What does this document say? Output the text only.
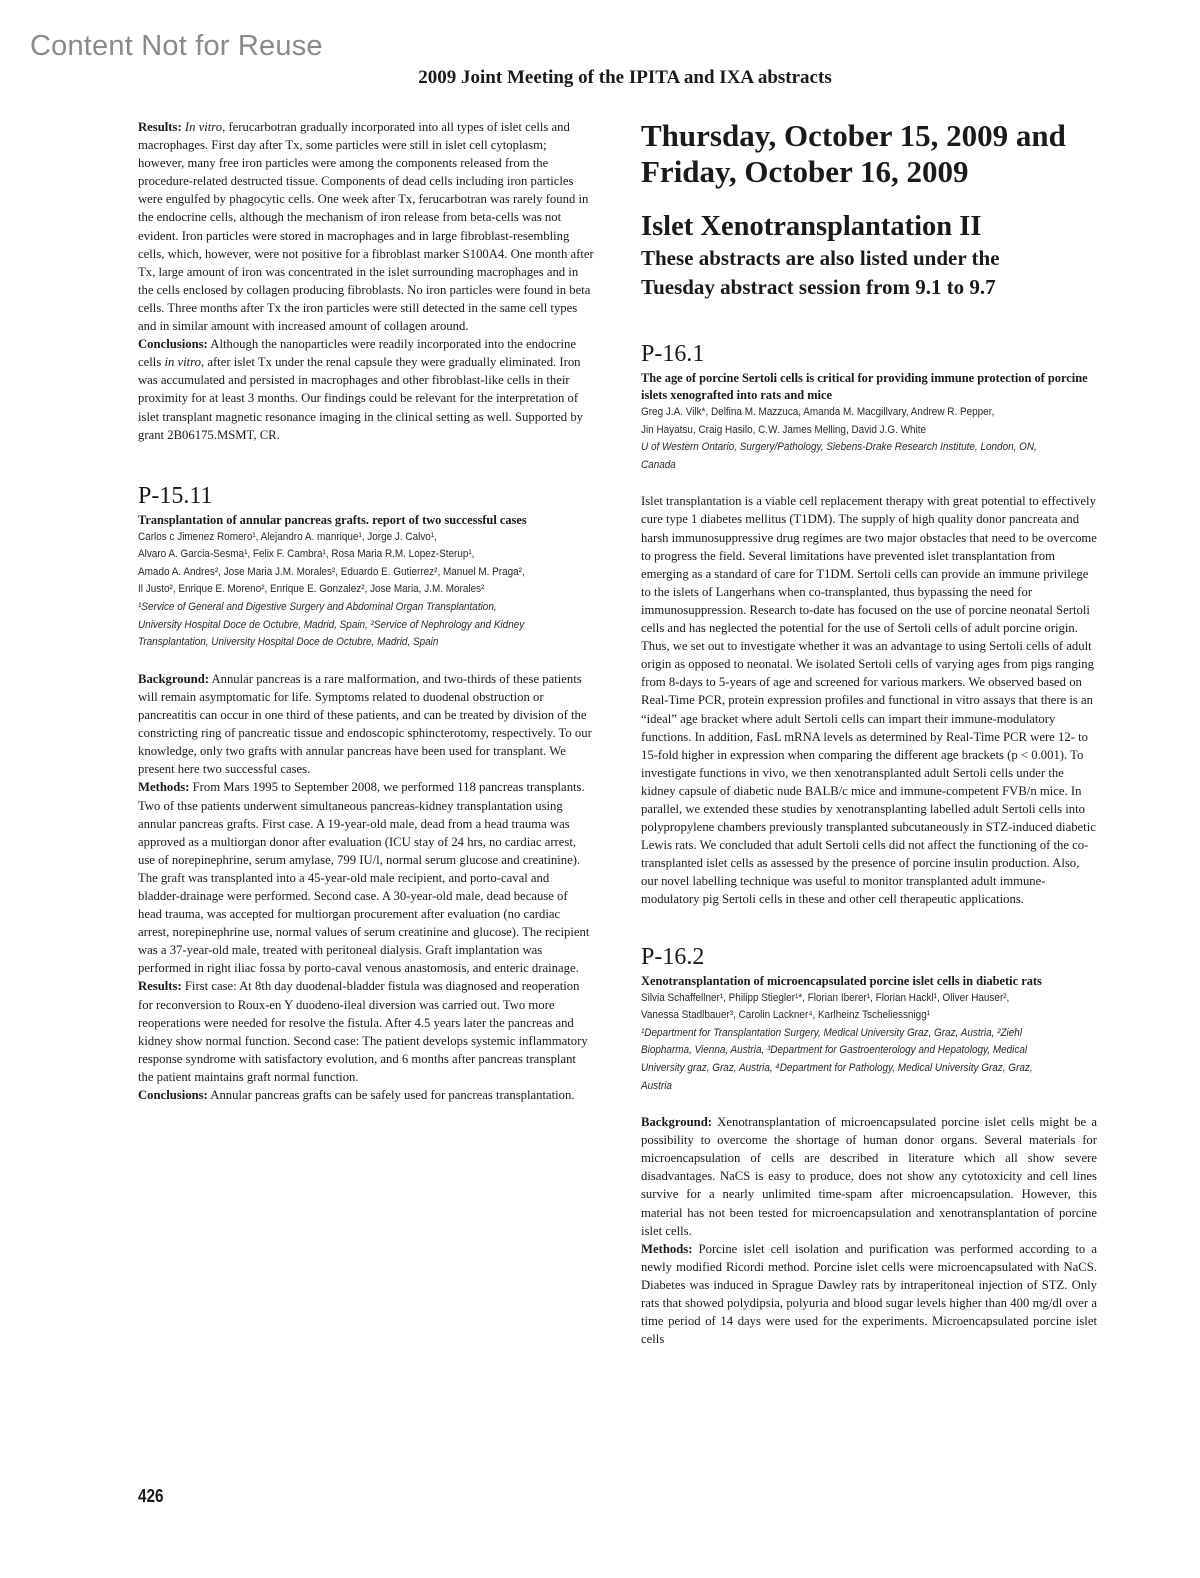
Content Not for Reuse
2009 Joint Meeting of the IPITA and IXA abstracts

Results: In vitro, ferucarbotran gradually incorporated into all types of islet cells and macrophages. First day after Tx, some particles were still in islet cell cytoplasm; however, many free iron particles were among the components released from the procedure-related destructed tissue. Components of dead cells including iron particles were engulfed by phagocytic cells. One week after Tx, ferucarbotran was rarely found in the endocrine cells, although the mechanism of iron release from beta-cells was not evident. Iron particles were stored in macrophages and in large fibroblast-resembling cells, which, however, were not positive for a fibroblast marker S100A4. One month after Tx, large amount of iron was concentrated in the islet surrounding macrophages and in the cells enclosed by collagen producing fibroblasts. No iron particles were found in beta cells. Three months after Tx the iron particles were still detected in the same cell types and in similar amount with increased amount of collagen around.
Conclusions: Although the nanoparticles were readily incorporated into the endocrine cells in vitro, after islet Tx under the renal capsule they were gradually eliminated. Iron was accumulated and persisted in macrophages and other fibroblast-like cells in their proximity for at least 3 months. Our findings could be relevant for the interpretation of islet transplant magnetic resonance imaging in the clinical setting as well. Supported by grant 2B06175.MSMT, CR.

P-15.11
Transplantation of annular pancreas grafts. report of two successful cases
Carlos c Jimenez Romero¹, Alejandro A. manrique¹, Jorge J. Calvo¹,
Alvaro A. Garcia-Sesma¹, Felix F. Cambra¹, Rosa Maria R.M. Lopez-Sterup¹,
Amado A. Andres², Jose Maria J.M. Morales², Eduardo E. Gutierrez², Manuel M. Praga²,
Il Justo², Enrique E. Moreno², Enrique E. Gonzalez², Jose Maria, J.M. Morales²
¹Service of General and Digestive Surgery and Abdominal Organ Transplantation,
University Hospital Doce de Octubre, Madrid, Spain, ²Service of Nephrology and Kidney
Transplantation, University Hospital Doce de Octubre, Madrid, Spain

Background: Annular pancreas is a rare malformation, and two-thirds of these patients will remain asymptomatic for life. Symptoms related to duodenal obstruction or pancreatitis can occur in one third of these patients, and can be treated by division of the constricting ring of pancreatic tissue and endoscopic sphincterotomy, respectively. To our knowledge, only two grafts with annular pancreas have been used for transplant. We present here two successful cases.
Methods: From Mars 1995 to September 2008, we performed 118 pancreas transplants. Two of thse patients underwent simultaneous pancreas-kidney transplantation using annular pancreas grafts. First case. A 19-year-old male, dead from a head trauma was approved as a multiorgan donor after evaluation (ICU stay of 24 hrs, no cardiac arrest, use of norepinephrine, serum amylase, 799 IU/l, normal serum glucose and creatinine). The graft was transplanted into a 45-year-old male recipient, and porto-caval and bladder-drainage were performed. Second case. A 30-year-old male, dead because of head trauma, was accepted for multiorgan procurement after evaluation (no cardiac arrest, norepinephrine use, normal values of serum creatinine and glucose). The recipient was a 37-year-old male, treated with peritoneal dialysis. Graft implantation was performed in right iliac fossa by porto-caval venous anastomosis, and enteric drainage.
Results: First case: At 8th day duodenal-bladder fistula was diagnosed and reoperation for reconversion to Roux-en Y duodeno-ileal diversion was carried out. Two more reoperations were needed for resolve the fistula. After 4.5 years later the pancreas and kidney show normal function. Second case: The patient develops systemic inflammatory response syndrome with satisfactory evolution, and 6 months after pancreas transplant the patient maintains graft normal function.
Conclusions: Annular pancreas grafts can be safely used for pancreas transplantation.

Thursday, October 15, 2009 and
Friday, October 16, 2009
Islet Xenotransplantation II
These abstracts are also listed under the
Tuesday abstract session from 9.1 to 9.7
P-16.1
The age of porcine Sertoli cells is critical for providing immune protection of porcine islets xenografted into rats and mice
Greg J.A. Vilk*, Delfina M. Mazzuca, Amanda M. Macgillvary, Andrew R. Pepper,
Jin Hayatsu, Craig Hasilo, C.W. James Melling, David J.G. White
U of Western Ontario, Surgery/Pathology, Siebens-Drake Research Institute, London, ON,
Canada

Islet transplantation is a viable cell replacement therapy with great potential to effectively cure type 1 diabetes mellitus (T1DM). The supply of high quality donor pancreata and harsh immunosuppressive drug regimes are two major obstacles that need to be overcome to progress the field. Several limitations have prevented islet transplantation from emerging as a standard of care for T1DM. Sertoli cells can provide an immune privilege to the islets of Langerhans when co-transplanted, thus bypassing the need for immunosuppression. Research to-date has focused on the use of porcine neonatal Sertoli cells and has neglected the potential for the use of Sertoli cells of adult porcine origin. Thus, we set out to investigate whether it was an advantage to using Sertoli cells of adult origin as opposed to neonatal. We isolated Sertoli cells of varying ages from pigs ranging from 8-days to 5-years of age and screened for various markers. We observed based on Real-Time PCR, protein expression profiles and functional in vitro assays that there is an “ideal” age bracket where adult Sertoli cells can impart their immune-modulatory functions. In addition, FasL mRNA levels as determined by Real-Time PCR were 12- to 15-fold higher in expression when comparing the different age brackets (p < 0.001). To investigate functions in vivo, we then xenotransplanted adult Sertoli cells under the kidney capsule of diabetic nude BALB/c mice and immune-competent FVB/n mice. In parallel, we extended these studies by xenotransplanting labelled adult Sertoli cells into polypropylene chambers previously transplanted subcutaneously in STZ-induced diabetic Lewis rats. We concluded that adult Sertoli cells did not affect the functioning of the co-transplanted islet cells as assessed by the presence of porcine insulin production. Also, our novel labelling technique was useful to monitor transplanted adult immune-modulatory pig Sertoli cells in these and other cell therapeutic applications.

P-16.2
Xenotransplantation of microencapsulated porcine islet cells in diabetic rats
Silvia Schaffellner¹, Philipp Stiegler¹*, Florian Iberer¹, Florian Hackl¹, Oliver Hauser²,
Vanessa Stadlbauer³, Carolin Lackner⁴, Karlheinz Tscheliessnigg¹
¹Department for Transplantation Surgery, Medical University Graz, Graz, Austria, ²Ziehl
Biopharma, Vienna, Austria, ³Department for Gastroenterology and Hepatology, Medical
University graz, Graz, Austria, ⁴Department for Pathology, Medical University Graz, Graz,
Austria

Background: Xenotransplantation of microencapsulated porcine islet cells might be a possibility to overcome the shortage of human donor organs. Several materials for microencapsulation of cells are described in literature which all show severe disadvantages. NaCS is easy to produce, does not show any cytotoxicity and cell lines survive for a nearly unlimited time-spam after microencapsulation. However, this material has not been tested for microencapsulation and xenotransplantation of porcine islet cells.
Methods: Porcine islet cell isolation and purification was performed according to a newly modified Ricordi method. Porcine islet cells were microencapsulated with NaCS. Diabetes was induced in Sprague Dawley rats by intraperitoneal injection of STZ. Only rats that showed polydipsia, polyuria and blood sugar levels higher than 400 mg/dl over a time period of 14 days were used for the experiments. Microencapsulated porcine islet cells

426
